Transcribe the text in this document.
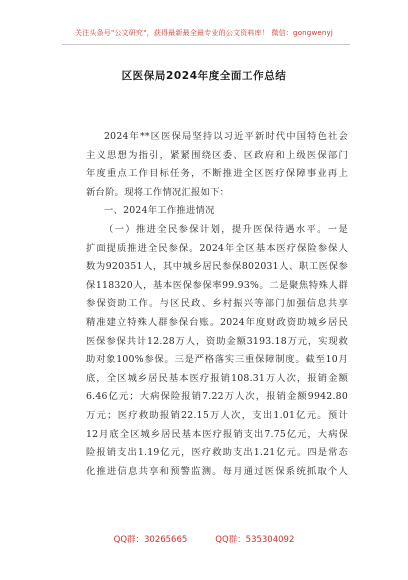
关注头条号"公文研究"，获得最新最全最专业的公文资料库！ 微信：gongwenyj
区医保局2024年度全面工作总结
2024年**区医保局坚持以习近平新时代中国特色社会
主义思想为指引，紧紧围绕区委、区政府和上级医保部门
年度重点工作目标任务，不断推进全区医疗保障事业再上
新台阶。现将工作情况汇报如下：
一、2024年工作推进情况
（一）推进全民参保计划，提升医保待遇水平。一是
扩面提质推进全民参保。2024年全区基本医疗保险参保人
数为920351人，其中城乡居民参保802031人、职工医保参
保118320人，基本医保参保率99.93%。二是聚焦特殊人群
参保资助工作。与区民政、乡村振兴等部门加强信息共享
精准建立特殊人群参保台账。2024年度财政资助城乡居民
医保参保共计12.28万人，资助金额3193.18万元，实现救
助对象100%参保。三是严格落实三重保障制度。截至10月
底，全区城乡居民基本医疗报销108.31万人次，报销金额
6.46亿元；大病保险报销7.22万人次，报销金额9942.80
万元；医疗救助报销22.15万人次，支出1.01亿元。预计
12月底全区城乡居民基本医疗报销支出7.75亿元，大病保
险报销支出1.19亿元，医疗救助支出1.21亿元。四是常态
化推进信息共享和预警监测。每月通过医保系统抓取个人
QQ群：30265665	QQ群：535304092
